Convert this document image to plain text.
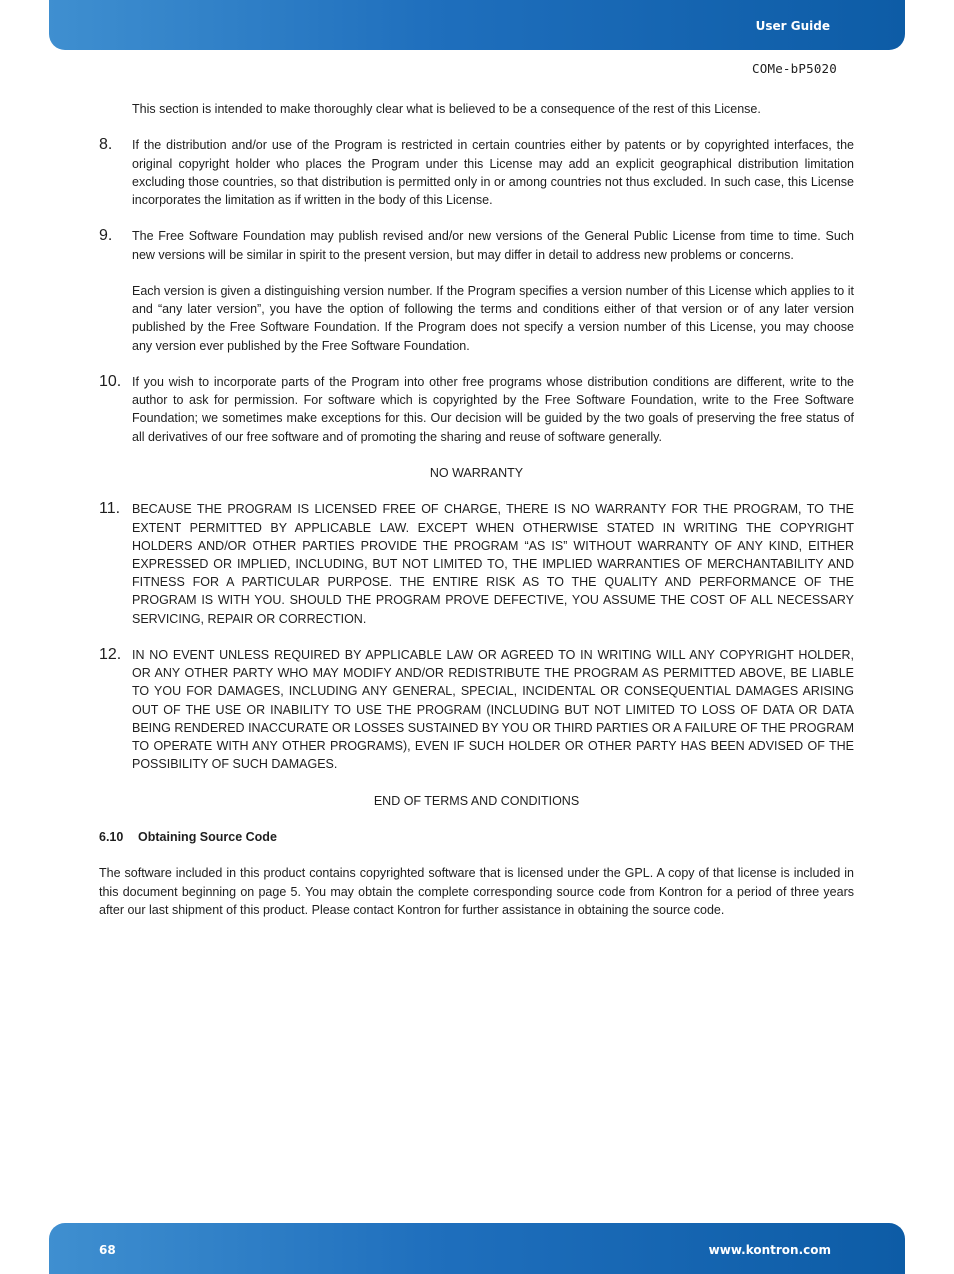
User Guide
COMe-bP5020

This section is intended to make thoroughly clear what is believed to be a consequence of the rest of this License.

8.	If the distribution and/or use of the Program is restricted in certain countries either by patents or by copyrighted interfaces, the original copyright holder who places the Program under this License may add an explicit geographical distribution limitation excluding those countries, so that distribution is permitted only in or among countries not thus excluded. In such case, this License incorporates the limitation as if written in the body of this License.

9.	The Free Software Foundation may publish revised and/or new versions of the General Public License from time to time. Such new versions will be similar in spirit to the present version, but may differ in detail to address new problems or concerns.

Each version is given a distinguishing version number. If the Program specifies a version number of this License which applies to it and “any later version”, you have the option of following the terms and conditions either of that version or of any later version published by the Free Software Foundation. If the Program does not specify a version number of this License, you may choose any version ever published by the Free Software Foundation.

10. If you wish to incorporate parts of the Program into other free programs whose distribution conditions are different, write to the author to ask for permission. For software which is copyrighted by the Free Software Foundation, write to the Free Software Foundation; we sometimes make exceptions for this. Our decision will be guided by the two goals of preserving the free status of all derivatives of our free software and of promoting the sharing and reuse of software generally.

NO WARRANTY
11. BECAUSE THE PROGRAM IS LICENSED FREE OF CHARGE, THERE IS NO WARRANTY FOR THE PROGRAM, TO THE EXTENT PERMITTED BY APPLICABLE LAW. EXCEPT WHEN OTHERWISE STATED IN WRITING THE COPYRIGHT HOLDERS AND/OR OTHER PARTIES PROVIDE THE PROGRAM “AS IS” WITHOUT WARRANTY OF ANY KIND, EITHER EXPRESSED OR IMPLIED, INCLUDING, BUT NOT LIMITED TO, THE IMPLIED WARRANTIES OF MERCHANTABILITY AND FITNESS FOR A PARTICULAR PURPOSE. THE ENTIRE RISK AS TO THE QUALITY AND PERFORMANCE OF THE PROGRAM IS WITH YOU. SHOULD THE PROGRAM PROVE DEFECTIVE, YOU ASSUME THE COST OF ALL NECESSARY SERVICING, REPAIR OR CORRECTION.

12. IN NO EVENT UNLESS REQUIRED BY APPLICABLE LAW OR AGREED TO IN WRITING WILL ANY COPYRIGHT HOLDER, OR ANY OTHER PARTY WHO MAY MODIFY AND/OR REDISTRIBUTE THE PROGRAM AS PERMITTED ABOVE, BE LIABLE TO YOU FOR DAMAGES, INCLUDING ANY GENERAL, SPECIAL, INCIDENTAL OR CONSEQUENTIAL DAMAGES ARISING OUT OF THE USE OR INABILITY TO USE THE PROGRAM (INCLUDING BUT NOT LIMITED TO LOSS OF DATA OR DATA BEING RENDERED INACCURATE OR LOSSES SUSTAINED BY YOU OR THIRD PARTIES OR A FAILURE OF THE PROGRAM TO OPERATE WITH ANY OTHER PROGRAMS), EVEN IF SUCH HOLDER OR OTHER PARTY HAS BEEN ADVISED OF THE POSSIBILITY OF SUCH DAMAGES.

END OF TERMS AND CONDITIONS
6.10 Obtaining Source Code

The software included in this product contains copyrighted software that is licensed under the GPL. A copy of that license is included in this document beginning on page 5. You may obtain the complete corresponding source code from Kontron for a period of three years after our last shipment of this product. Please contact Kontron for further assistance in obtaining the source code.

68	www.kontron.com
